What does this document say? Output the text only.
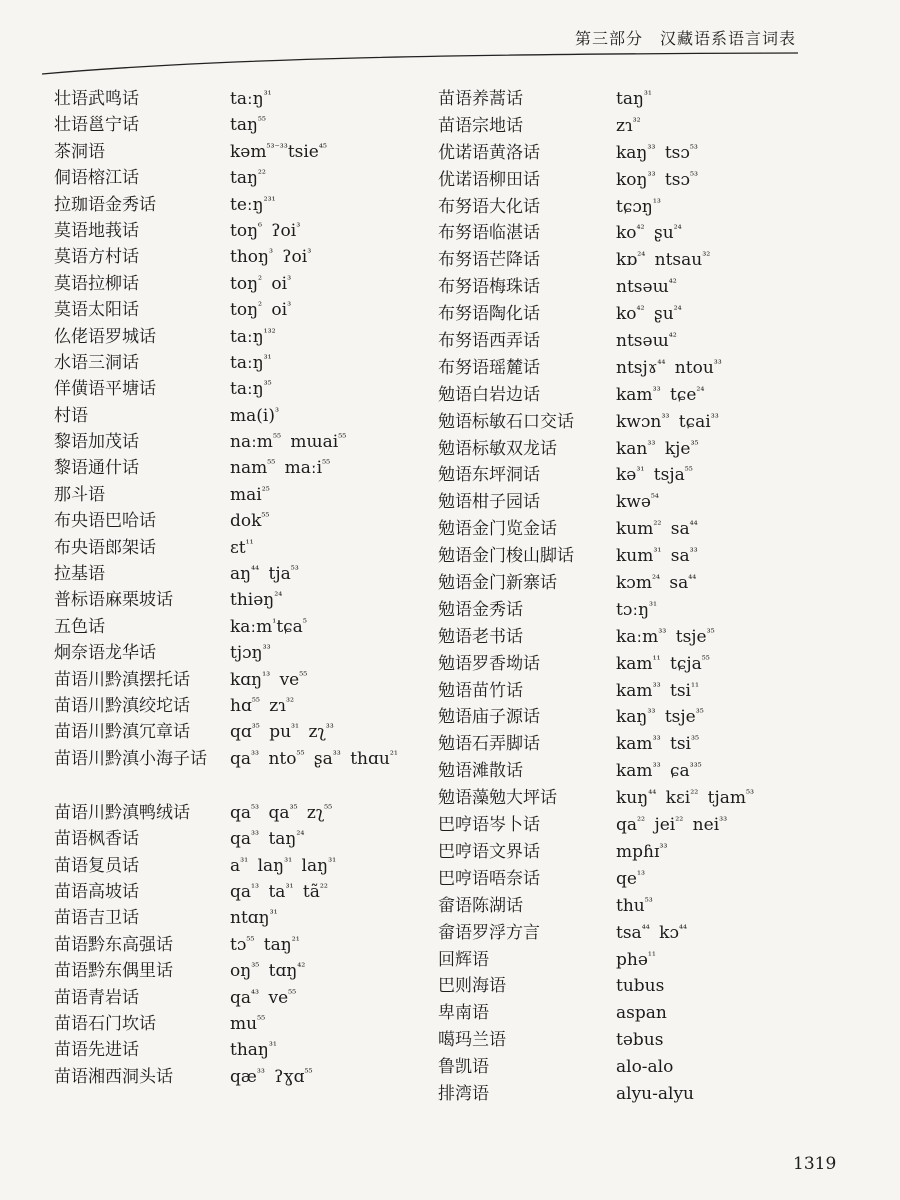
第三部分　汉藏语系语言词表
壮语武鸣话	taːŋ$^{^{31}}$
壮语邕宁话	taŋ$^{^{55}}$
茶洞语	kəm$^{^{53-33}}$tsie$^{^{45}}$
侗语榕江话	taŋ$^{^{22}}$
拉珈语金秀话	teːŋ$^{^{231}}$
莫语地莪话	toŋ$^{^6}$ ʔoi$^{^3}$
莫语方村话	thoŋ$^{^3}$ ʔoi$^{^3}$
莫语拉柳话	toŋ$^{^2}$ $oi^{^3}$
莫语太阳话	toŋ$^{^2}$ $oi^{^3}$
仫佬语罗城话	taːŋ$^{^{132}}$
水语三洞话	taːŋ$^{^{31}}$
佯僙语平塘话	taːŋ$^{^{35}}$
村语	$ma(i)^{^3}$
黎语加茂话	naːm$^{^{55}}$ mɯai$^{^{55}}$
黎语通什话	nam$^{^{55}}$ maːi$^{^{55}}$
那斗语	mai$^{^{25}}$
布央语巴哈话	dok$^{^{55}}$
布央语郎架话	ɛt$^{^{11}}$
拉基语	$aŋ^{^{44}}$ tja$^{^{53}}$
普标语麻栗坡话	thiəŋ$^{^{24}}$
五色话	kaːm$^{^1}$tɕa$^{^5}$
炯奈语龙华话	tjɔŋ$^{^{33}}$
苗语川黔滇摆托话	kɑŋ$^{^{13}}$ $ve^{^{55}}$
苗语川黔滇绞坨话	hɑ$^{^{55}}$ zɿ$^{^{32}}$
苗语川黔滇冗章话	qɑ$^{^{35}}$ $pu^{^{31}}$ zʅ$^{^{33}}$
苗语川黔滇小海子话	$qa^{^{33}}$ nto$^{^{55}}$ ʂa$^{^{33}}$ thɑu$^{^{21}}$
苗语川黔滇鸭绒话	$qa^{^{53}}$ $qa^{^{35}}$ zʅ$^{^{55}}$
苗语枫香话	$qa^{^{33}}$ taŋ$^{^{24}}$
苗语复员话	$a^{^{31}}$ laŋ$^{^{31}}$ laŋ$^{^{31}}$
苗语高坡话	$qa^{^{13}}$ $ta^{^{31}}$ $tã^{^{22}}$
苗语吉卫话	ntɑŋ$^{^{31}}$
苗语黔东高强话	tɔ$^{^{55}}$ taŋ$^{^{21}}$
苗语黔东偶里话	$oŋ^{^{35}}$ tɑŋ$^{^{42}}$
苗语青岩话	$qa^{^{43}}$ $ve^{^{55}}$
苗语石门坎话	$mu^{^{55}}$
苗语先进话	thaŋ$^{^{31}}$
苗语湘西洞头话	$qæ^{^{33}}$ ʔɣɑ$^{^{55}}$
苗语养蒿话	taŋ$^{^{31}}$
苗语宗地话	zɿ$^{^{32}}$
优诺语黄洛话	kaŋ$^{^{33}}$ tsɔ$^{^{53}}$
优诺语柳田话	koŋ$^{^{33}}$ tsɔ$^{^{53}}$
布努语大化话	tɕɔŋ$^{^{13}}$
布努语临湛话	$ko^{^{42}}$ ʂu$^{^{24}}$
布努语芒降话	kɒ$^{^{24}}$ ntsau$^{^{32}}$
布努语梅珠话	ntsəɯ$^{^{42}}$
布努语陶化话	$ko^{^{42}}$ ʂu$^{^{24}}$
布努语西弄话	ntsəɯ$^{^{42}}$
布努语瑶麓话	ntsjɤ$^{^{44}}$ ntou$^{^{33}}$
勉语白岩边话	kam$^{^{33}}$ tɕe$^{^{24}}$
勉语标敏石口交话	kwɔn$^{^{33}}$ tɕai$^{^{33}}$
勉语标敏双龙话	kan$^{^{33}}$ kje$^{^{35}}$
勉语东坪洞话	kə$^{^{31}}$ tsja$^{^{55}}$
勉语柑子园话	kwə$^{^{54}}$
勉语金门览金话	kum$^{^{22}}$ $sa^{^{44}}$
勉语金门梭山脚话	kum$^{^{31}}$ $sa^{^{33}}$
勉语金门新寨话	kɔm$^{^{24}}$ $sa^{^{44}}$
勉语金秀话	tɔːŋ$^{^{31}}$
勉语老书话	kaːm$^{^{33}}$ tsje$^{^{35}}$
勉语罗香坳话	kam$^{^{11}}$ tɕja$^{^{55}}$
勉语苗竹话	kam$^{^{33}}$ tsi$^{^{11}}$
勉语庙子源话	kaŋ$^{^{33}}$ tsje$^{^{35}}$
勉语石弄脚话	kam$^{^{33}}$ tsi$^{^{35}}$
勉语滩散话	kam$^{^{33}}$ ɕa$^{^{335}}$
勉语藻勉大坪话	kuŋ$^{^{44}}$ kɛi$^{^{22}}$ tjam$^{^{53}}$
巴哼语岑卜话	$qa^{^{22}}$ jei$^{^{22}}$ nei$^{^{33}}$
巴哼语文界话	mpɦɪ$^{^{33}}$
巴哼语唔奈话	$qe^{^{13}}$
畲语陈湖话	thu$^{^{53}}$
畲语罗浮方言	tsa$^{^{44}}$ kɔ$^{^{44}}$
回辉语	phə$^{^{11}}$
巴则海语	tubus
卑南语	aspan
噶玛兰语	təbus
鲁凯语	alo-alo
排湾语	alyu-alyu
1319
